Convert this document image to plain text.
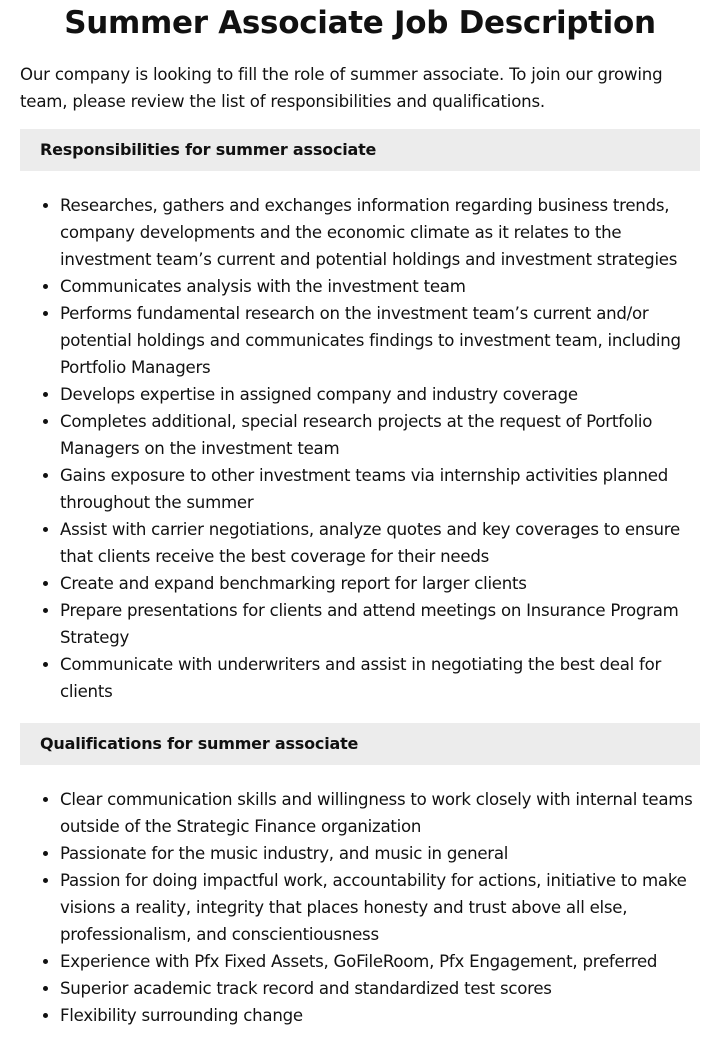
Summer Associate Job Description

Our company is looking to fill the role of summer associate. To join our growing team, please review the list of responsibilities and qualifications.

Responsibilities for summer associate
Researches, gathers and exchanges information regarding business trends, company developments and the economic climate as it relates to the investment team’s current and potential holdings and investment strategies
Communicates analysis with the investment team
Performs fundamental research on the investment team’s current and/or potential holdings and communicates findings to investment team, including Portfolio Managers
Develops expertise in assigned company and industry coverage
Completes additional, special research projects at the request of Portfolio Managers on the investment team
Gains exposure to other investment teams via internship activities planned throughout the summer
Assist with carrier negotiations, analyze quotes and key coverages to ensure that clients receive the best coverage for their needs
Create and expand benchmarking report for larger clients
Prepare presentations for clients and attend meetings on Insurance Program Strategy
Communicate with underwriters and assist in negotiating the best deal for clients
Qualifications for summer associate
Clear communication skills and willingness to work closely with internal teams outside of the Strategic Finance organization
Passionate for the music industry, and music in general
Passion for doing impactful work, accountability for actions, initiative to make visions a reality, integrity that places honesty and trust above all else, professionalism, and conscientiousness
Experience with Pfx Fixed Assets, GoFileRoom, Pfx Engagement, preferred
Superior academic track record and standardized test scores
Flexibility surrounding change
